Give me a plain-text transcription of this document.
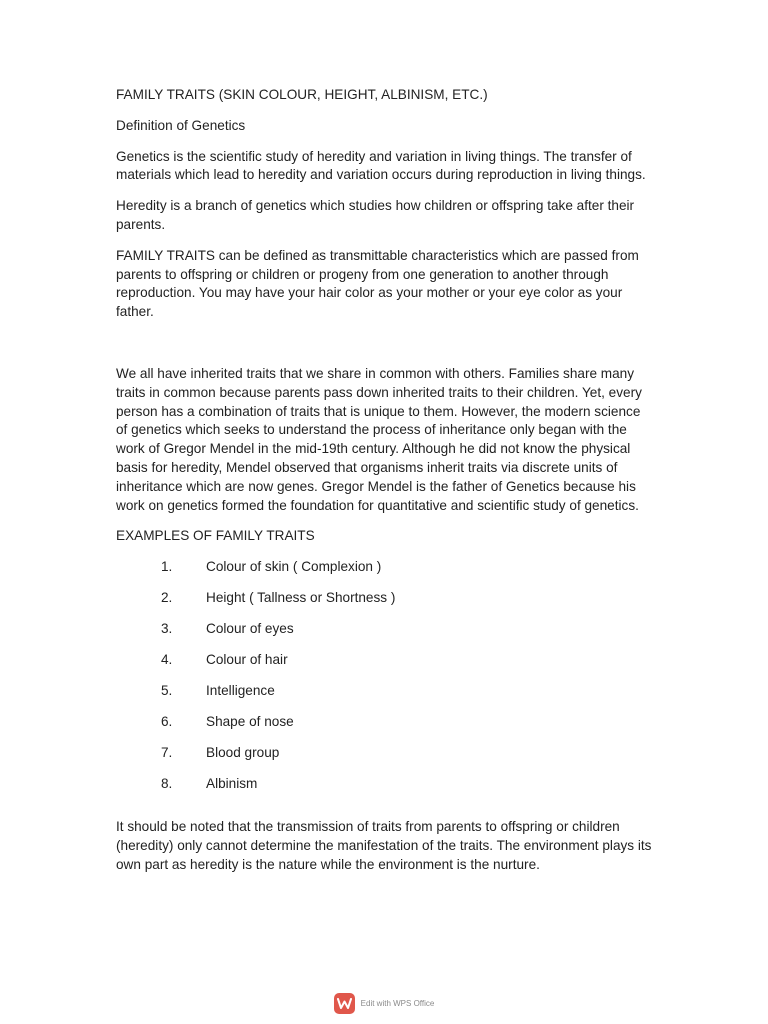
FAMILY TRAITS (SKIN COLOUR, HEIGHT, ALBINISM, ETC.)

Definition of Genetics

Genetics is the scientific study of heredity and variation in living things. The transfer of materials which lead to heredity and variation occurs during reproduction in living things.

Heredity is a branch of genetics which studies how children or offspring take after their parents.

FAMILY TRAITS can be defined as transmittable characteristics which are passed from parents to offspring or children or progeny from one generation to another through reproduction. You may have your hair color as your mother or your eye color as your father.

We all have inherited traits that we share in common with others. Families share many traits in common because parents pass down inherited traits to their children. Yet, every person has a combination of traits that is unique to them. However, the modern science of genetics which seeks to understand the process of inheritance only began with the work of Gregor Mendel in the mid-19th century. Although he did not know the physical basis for heredity, Mendel observed that organisms inherit traits via discrete units of inheritance which are now genes. Gregor Mendel is the father of Genetics because his work on genetics formed the foundation for quantitative and scientific study of genetics.

EXAMPLES OF FAMILY TRAITS

1.	Colour of skin ( Complexion )
2.	Height ( Tallness or Shortness )
3.	Colour of eyes
4.	Colour of hair
5.	Intelligence
6.	Shape of nose
7.	Blood group
8.	Albinism

It should be noted that the transmission of traits from parents to offspring or children (heredity) only cannot determine the manifestation of the traits. The environment plays its own part as heredity is the nature while the environment is the nurture.

Edit with WPS Office
